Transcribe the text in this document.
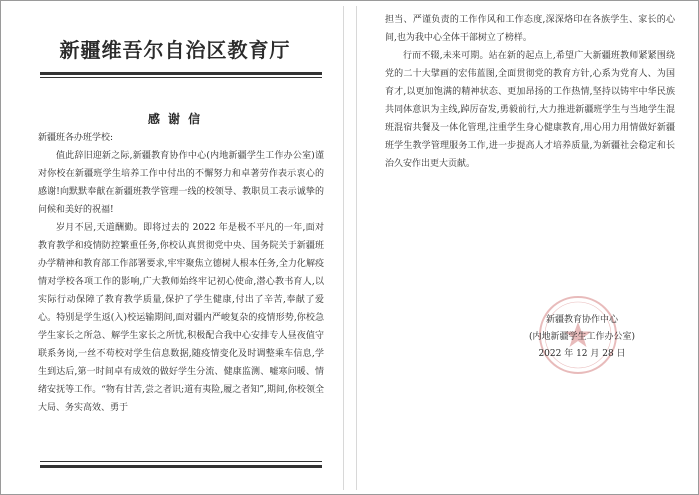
新疆维吾尔自治区教育厅
感 谢 信

新疆班各办班学校:

值此辞旧迎新之际,新疆教育协作中心(内地新疆学生工作办公室)谨对你校在新疆班学生培养工作中付出的不懈努力和卓著劳作表示衷心的感谢!向默默奉献在新疆班教学管理一线的校领导、教职员工表示诚挚的问候和美好的祝福!

岁月不居,天道酬勤。即将过去的 2022 年是极不平凡的一年,面对教育教学和疫情防控繁重任务,你校认真贯彻党中央、国务院关于新疆班办学精神和教育部工作部署要求,牢牢聚焦立德树人根本任务,全力化解疫情对学校各项工作的影响,广大教师始终牢记初心使命,潜心教书育人,以实际行动保障了教育教学质量,保护了学生健康,付出了辛苦,奉献了爱心。特别是学生返(入)校运输期间,面对疆内严峻复杂的疫情形势,你校急学生家长之所急、解学生家长之所忧,积极配合我中心安排专人昼夜值守联系务岗,一丝不苟校对学生信息数据,随疫情变化及时调整乘车信息,学生到达后,第一时间卓有成效的做好学生分流、健康监测、嘘寒问暖、情绪安抚等工作。“物有甘苦,尝之者识;道有夷险,履之者知”,期间,你校领全大局、务实高效、勇于

担当、严谨负责的工作作风和工作态度,深深烙印在各族学生、家长的心间,也为我中心全体干部树立了榜样。

行而不辍,未来可期。站在新的起点上,希望广大新疆班教师紧紧围绕党的二十大擘画的宏伟蓝图,全面贯彻党的教育方针,心系为党育人、为国育才,以更加饱满的精神状态、更加昂扬的工作热情,坚持以铸牢中华民族共同体意识为主线,踔厉奋发,勇毅前行,大力推进新疆班学生与当地学生混班混宿共餐及一体化管理,注重学生身心健康教育,用心用力用情做好新疆班学生教学管理服务工作,进一步提高人才培养质量,为新疆社会稳定和长治久安作出更大贡献。

新疆教育协作中心
(内地新疆学生工作办公室)
2022 年 12 月 28 日
